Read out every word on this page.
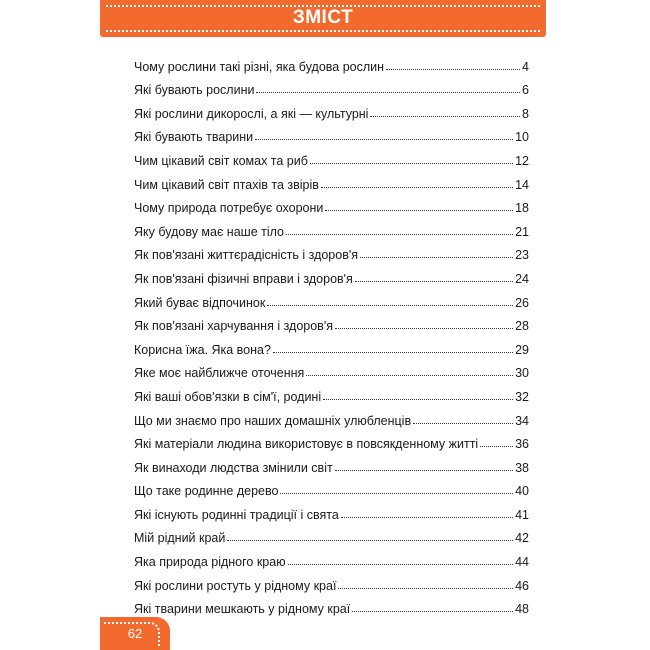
ЗМІСТ
Чому рослини такі різні, яка будова рослин	4
Які бувають рослини	6
Які рослини дикорослі, а які — культурні	8
Які бувають тварини	10
Чим цікавий світ комах та риб	12
Чим цікавий світ птахів та звірів	14
Чому природа потребує охорони	18
Яку будову має наше тіло	21
Як пов'язані життєрадісність і здоров'я	23
Як пов'язані фізичні вправи і здоров'я	24
Який буває відпочинок	26
Як пов'язані харчування і здоров'я	28
Корисна їжа. Яка вона?	29
Яке моє найближче оточення	30
Які ваші обов'язки в сім'ї, родині	32
Що ми знаємо про наших домашніх улюбленців	34
Які матеріали людина використовує в повсякденному житті	36
Як винаходи людства змінили світ	38
Що таке родинне дерево	40
Які існують родинні традиції і свята	41
Мій рідний край	42
Яка природа рідного краю	44
Які рослини ростуть у рідному краї	46
Які тварини мешкають у рідному краї	48
62
